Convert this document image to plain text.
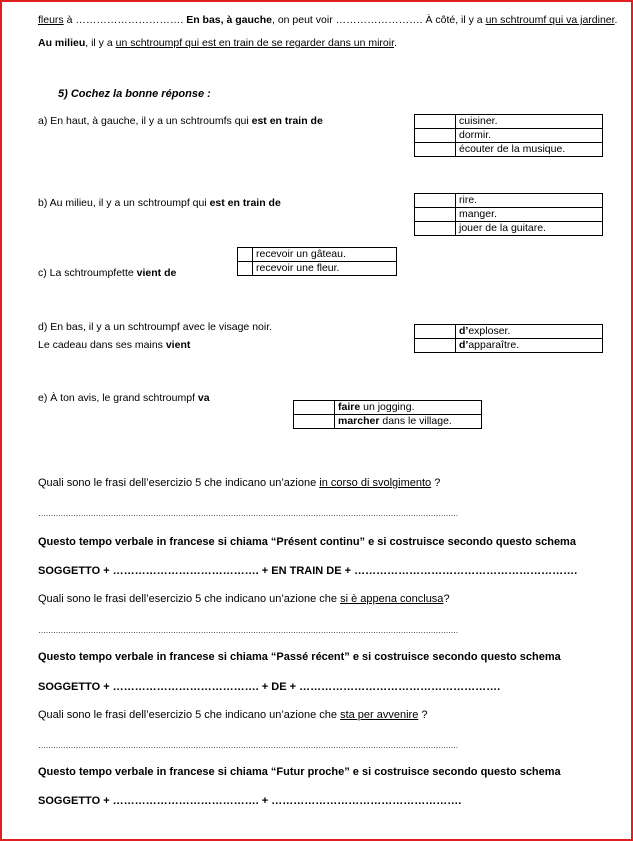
fleurs à …………………………. En bas, à gauche, on peut voir ……………………. À côté, il y a un schtroumf qui va jardiner.
Au milieu, il y a un schtroumpf qui est en train de se regarder dans un miroir.
5) Cochez la bonne réponse :
a) En haut, à gauche, il y a un schtroumfs qui est en train de
		cuisiner.
	dormir.
	écouter de la musique.
b) Au milieu, il y a un schtroumpf qui est en train de
		rire.
	manger.
	jouer de la guitare.
c) La schtroumpfette vient de
	recevoir un gâteau.
	recevoir une fleur.
d) En bas, il y a un schtroumpf avec le visage noir.
Le cadeau dans ses mains vient
	d’exploser.
	d’apparaître.
e) À ton avis, le grand schtroumpf va
	faire un jogging.
	marcher dans le village.
Quali sono le frasi dell’esercizio 5 che indicano un’azione in corso di svolgimento ?
……………………………………………………………………………………………………………………………………………………
Questo tempo verbale in francese si chiama “Présent continu” e si costruisce secondo questo schema
SOGGETTO + …………………………………. + EN TRAIN DE + …………………………………………………….
Quali sono le frasi dell’esercizio 5 che indicano un’azione che si è appena conclusa?
……………………………………………………………………………………………………………………………………………………
Questo tempo verbale in francese si chiama “Passé récent” e si costruisce secondo questo schema
SOGGETTO + …………………………………. + DE + ……………………………………………….
Quali sono le frasi dell’esercizio 5 che indicano un’azione che sta per avvenire ?
……………………………………………………………………………………………………………………………………………………
Questo tempo verbale in francese si chiama “Futur proche” e si costruisce secondo questo schema
SOGGETTO + …………………………………. + …………………………………………….
